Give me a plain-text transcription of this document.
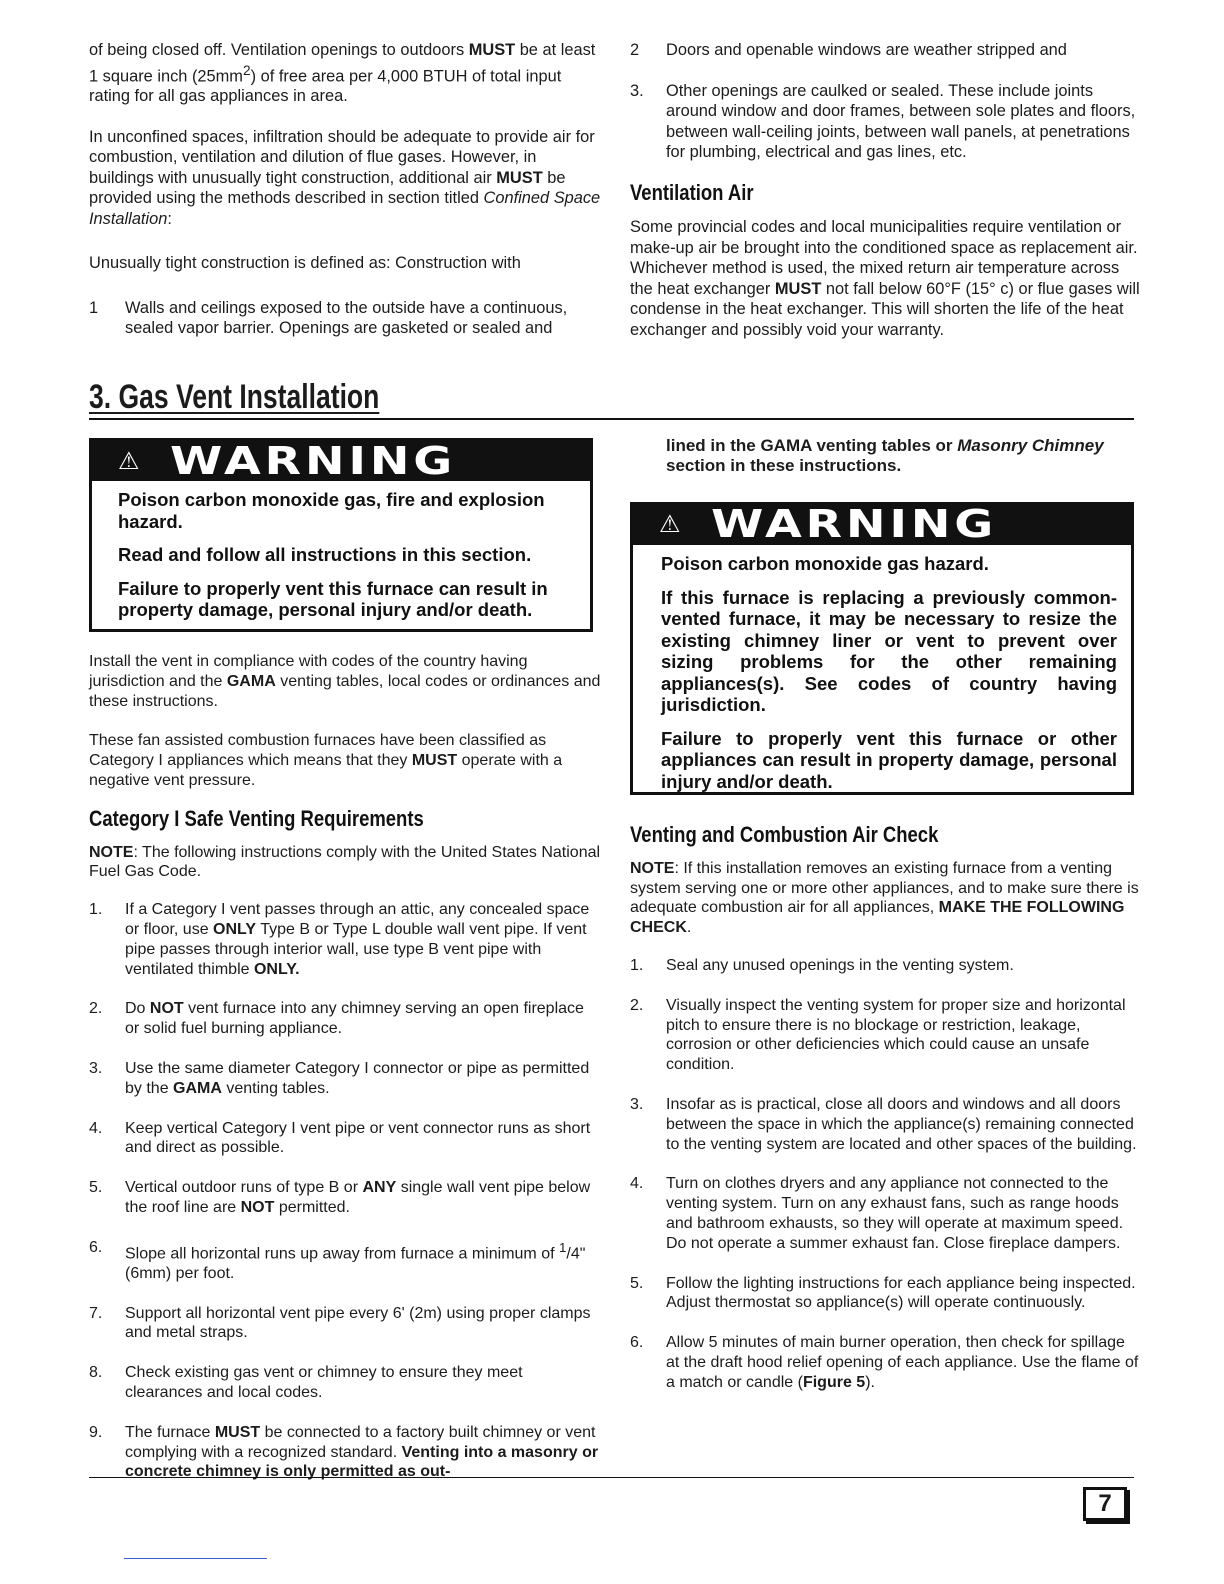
of being closed off. Ventilation openings to outdoors MUST be at least 1 square inch $(25mm^2)$ of free area per 4,000 BTUH of total input rating for all gas appliances in area.

In unconfined spaces, infiltration should be adequate to provide air for combustion, ventilation and dilution of flue gases. However, in buildings with unusually tight construction, additional air MUST be provided using the methods described in section titled Confined Space Installation:

Unusually tight construction is defined as: Construction with

1	Walls and ceilings exposed to the outside have a continuous, sealed vapor barrier. Openings are gasketed or sealed and
2	Doors and openable windows are weather stripped and
3.	Other openings are caulked or sealed. These include joints around window and door frames, between sole plates and floors, between wall-ceiling joints, between wall panels, at penetrations for plumbing, electrical and gas lines, etc.
Ventilation Air

Some provincial codes and local municipalities require ventilation or make-up air be brought into the conditioned space as replacement air. Whichever method is used, the mixed return air temperature across the heat exchanger MUST not fall below 60°F (15° c) or flue gases will condense in the heat exchanger. This will shorten the life of the heat exchanger and possibly void your warranty.

3. Gas Vent Installation
⚠ WARNING

Poison carbon monoxide gas, fire and explosion hazard.

Read and follow all instructions in this section.

Failure to properly vent this furnace can result in property damage, personal injury and/or death.

Install the vent in compliance with codes of the country having jurisdiction and the GAMA venting tables, local codes or ordinances and these instructions.

These fan assisted combustion furnaces have been classified as Category I appliances which means that they MUST operate with a negative vent pressure.

Category I Safe Venting Requirements

NOTE: The following instructions comply with the United States National Fuel Gas Code.

1.	If a Category I vent passes through an attic, any concealed space or floor, use ONLY Type B or Type L double wall vent pipe. If vent pipe passes through interior wall, use type B vent pipe with ventilated thimble ONLY.
2.	Do NOT vent furnace into any chimney serving an open fireplace or solid fuel burning appliance.
3.	Use the same diameter Category I connector or pipe as permitted by the GAMA venting tables.
4.	Keep vertical Category I vent pipe or vent connector runs as short and direct as possible.
5.	Vertical outdoor runs of type B or ANY single wall vent pipe below the roof line are NOT permitted.
6.	Slope all horizontal runs up away from furnace a minimum of $^1$/4" (6mm) per foot.
7.	Support all horizontal vent pipe every 6' (2m) using proper clamps and metal straps.
8.	Check existing gas vent or chimney to ensure they meet clearances and local codes.
9.	The furnace MUST be connected to a factory built chimney or vent complying with a recognized standard. Venting into a masonry or concrete chimney is only permitted as out-

lined in the GAMA venting tables or Masonry Chimney section in these instructions.

⚠ WARNING

Poison carbon monoxide gas hazard.

If this furnace is replacing a previously common-vented furnace, it may be necessary to resize the existing chimney liner or vent to prevent over sizing problems for the other remaining appliances(s). See codes of country having jurisdiction.

Failure to properly vent this furnace or other appliances can result in property damage, personal injury and/or death.

Venting and Combustion Air Check

NOTE: If this installation removes an existing furnace from a venting system serving one or more other appliances, and to make sure there is adequate combustion air for all appliances, MAKE THE FOLLOWING CHECK.

1.	Seal any unused openings in the venting system.
2.	Visually inspect the venting system for proper size and horizontal pitch to ensure there is no blockage or restriction, leakage, corrosion or other deficiencies which could cause an unsafe condition.
3.	Insofar as is practical, close all doors and windows and all doors between the space in which the appliance(s) remaining connected to the venting system are located and other spaces of the building.
4.	Turn on clothes dryers and any appliance not connected to the venting system. Turn on any exhaust fans, such as range hoods and bathroom exhausts, so they will operate at maximum speed. Do not operate a summer exhaust fan. Close fireplace dampers.
5.	Follow the lighting instructions for each appliance being inspected. Adjust thermostat so appliance(s) will operate continuously.
6.	Allow 5 minutes of main burner operation, then check for spillage at the draft hood relief opening of each appliance. Use the flame of a match or candle (Figure 5).
7
